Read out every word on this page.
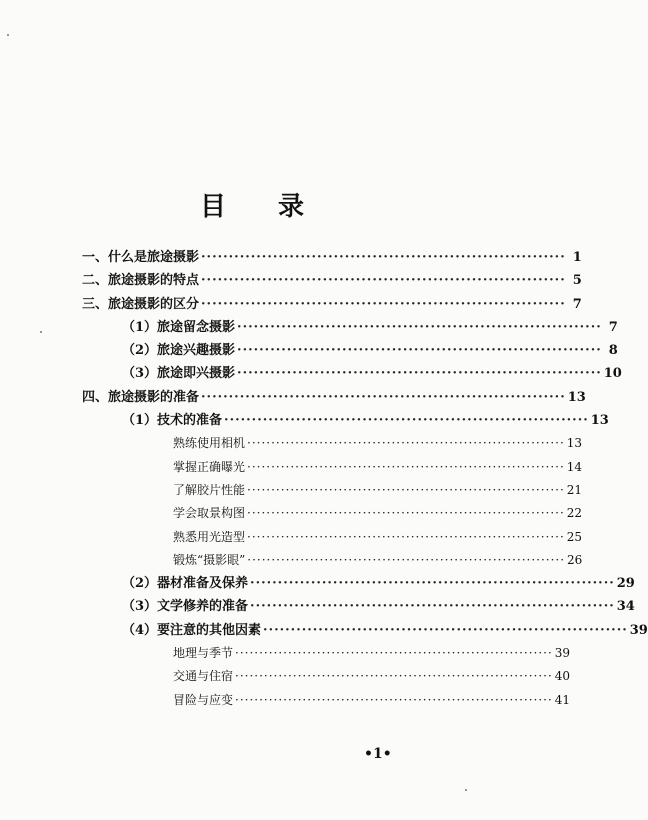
目 录
一、什么是旅途摄影 ·································································· 1
二、旅途摄影的特点 ·································································· 5
三、旅途摄影的区分 ·································································· 7
（1）旅途留念摄影 ·································································· 7
（2）旅途兴趣摄影 ·································································· 8
（3）旅途即兴摄影 ·································································· 10
四、旅途摄影的准备 ·································································· 13
（1）技术的准备 ·································································· 13
熟练使用相机 ·································································· 13
掌握正确曝光 ·································································· 14
了解胶片性能 ·································································· 21
学会取景构图 ·································································· 22
熟悉用光造型 ·································································· 25
锻炼“摄影眼” ·································································· 26
（2）器材准备及保养 ·································································· 29
（3）文学修养的准备 ·································································· 34
（4）要注意的其他因素 ·································································· 39
地理与季节 ·································································· 39
交通与住宿 ·································································· 40
冒险与应变 ·································································· 41
•1•
